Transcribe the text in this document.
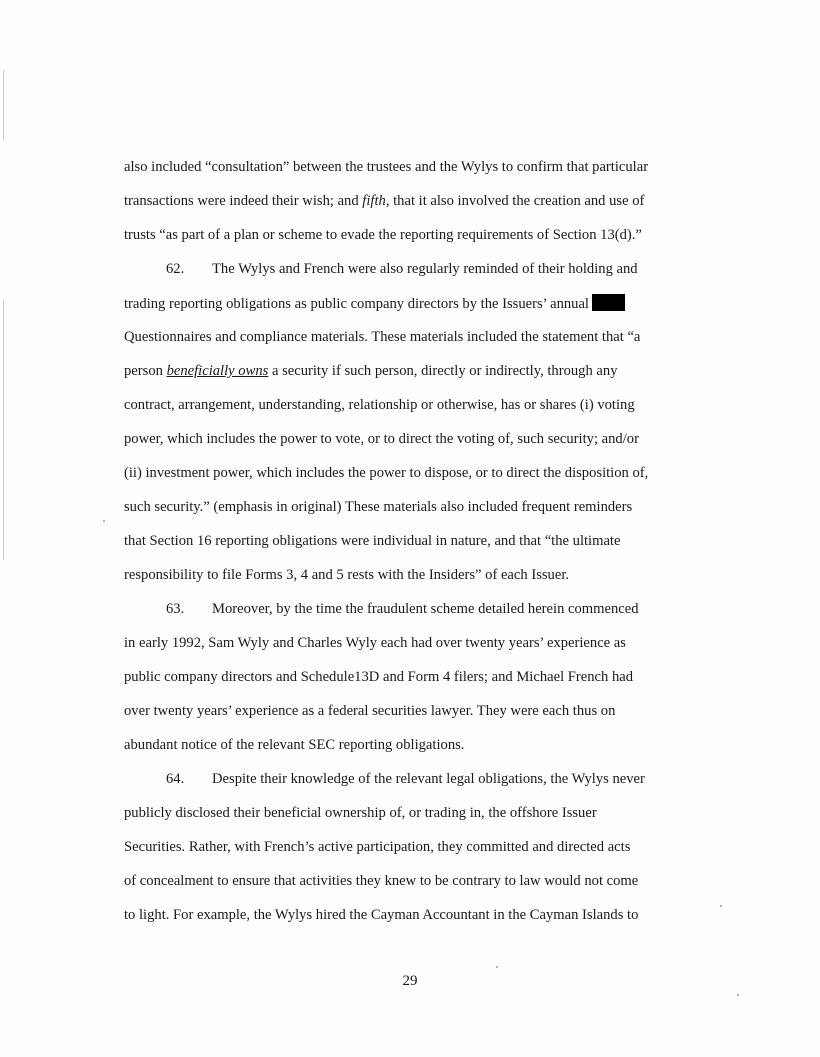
also included “consultation” between the trustees and the Wylys to confirm that particular
transactions were indeed their wish; and fifth, that it also involved the creation and use of
trusts “as part of a plan or scheme to evade the reporting requirements of Section 13(d).”
62. The Wylys and French were also regularly reminded of their holding and
trading reporting obligations as public company directors by the Issuers’ annual
Questionnaires and compliance materials. These materials included the statement that “a
person beneficially owns a security if such person, directly or indirectly, through any
contract, arrangement, understanding, relationship or otherwise, has or shares (i) voting
power, which includes the power to vote, or to direct the voting of, such security; and/or
(ii) investment power, which includes the power to dispose, or to direct the disposition of,
such security.” (emphasis in original) These materials also included frequent reminders
that Section 16 reporting obligations were individual in nature, and that “the ultimate
responsibility to file Forms 3, 4 and 5 rests with the Insiders” of each Issuer.
63. Moreover, by the time the fraudulent scheme detailed herein commenced
in early 1992, Sam Wyly and Charles Wyly each had over twenty years’ experience as
public company directors and Schedule13D and Form 4 filers; and Michael French had
over twenty years’ experience as a federal securities lawyer. They were each thus on
abundant notice of the relevant SEC reporting obligations.
64. Despite their knowledge of the relevant legal obligations, the Wylys never
publicly disclosed their beneficial ownership of, or trading in, the offshore Issuer
Securities. Rather, with French’s active participation, they committed and directed acts
of concealment to ensure that activities they knew to be contrary to law would not come
to light. For example, the Wylys hired the Cayman Accountant in the Cayman Islands to
29
